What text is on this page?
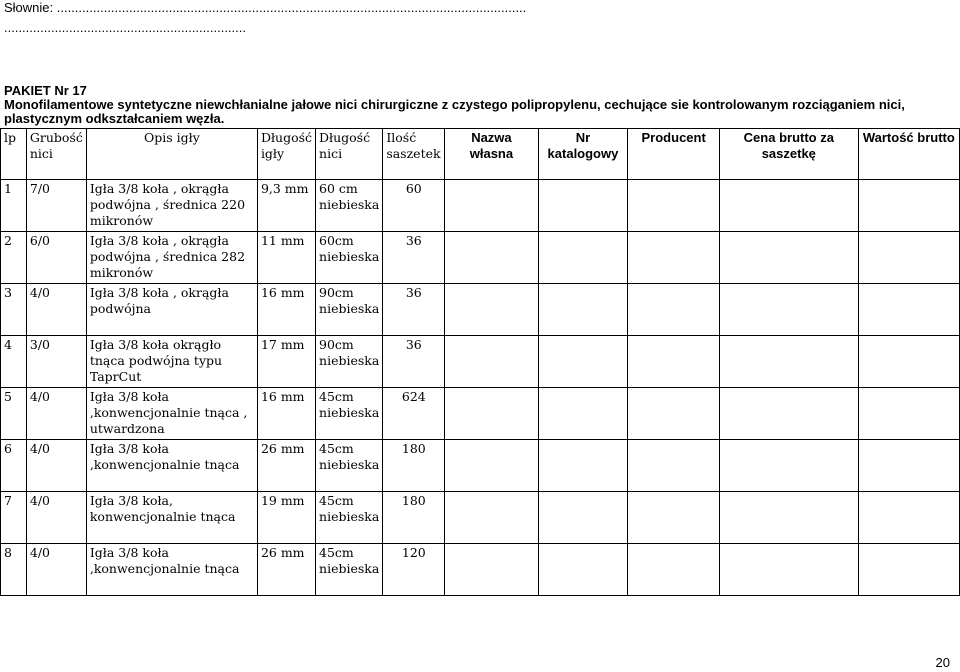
Słownie: ..................................................................................................................................
...................................................................
PAKIET Nr 17
Monofilamentowe syntetyczne niewchłanialne jałowe nici chirurgiczne z czystego polipropylenu, cechujące sie kontrolowanym rozciąganiem nici, plastycznym odkształcaniem węzła.
lp	Grubość nici	Opis igły	Długość igły	Długość nici	Ilość saszetek	Nazwa własna	Nr katalogowy	Producent	Cena brutto za saszetkę	Wartość brutto
1	7/0	Igła 3/8 koła , okrągła podwójna , średnica 220 mikronów	9,3 mm	60 cm niebieska	60					
2	6/0	Igła 3/8 koła , okrągła podwójna , średnica 282 mikronów	11 mm	60cm niebieska	36					
3	4/0	Igła 3/8 koła , okrągła podwójna	16 mm	90cm niebieska	36					
4	3/0	Igła 3/8 koła okrągło tnąca podwójna typu TaprCut	17 mm	90cm niebieska	36					
5	4/0	Igła 3/8 koła ,konwencjonalnie tnąca , utwardzona	16 mm	45cm niebieska	624					
6	4/0	Igła 3/8 koła ,konwencjonalnie tnąca	26 mm	45cm niebieska	180					
7	4/0	Igła 3/8 koła, konwencjonalnie tnąca	19 mm	45cm niebieska	180					
8	4/0	Igła 3/8 koła ,konwencjonalnie tnąca	26 mm	45cm niebieska	120					
20
